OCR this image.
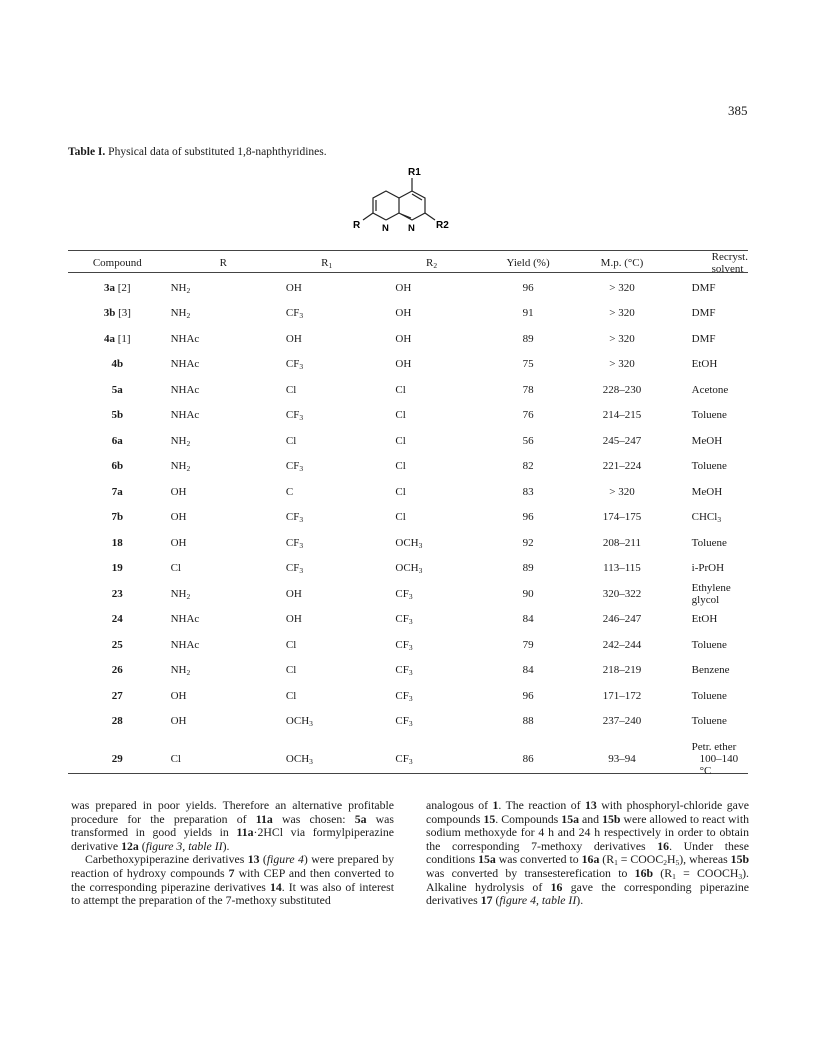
385
Table I. Physical data of substituted 1,8-naphthyridines.
R1
R N N R2
Compound	R	$R_1$	$R_2$	Yield (%)	M.p. (°C)	Recryst. solvent
3a [2]	$NH_2$	OH	OH	96	> 320	DMF

3b [3]	$NH_2$	$CF_3$	OH	91	> 320	DMF

4a [1]	NHAc	OH	OH	89	> 320	DMF

4b	NHAc	$CF_3$	OH	75	> 320	EtOH

5a	NHAc	Cl	Cl	78	228–230	Acetone

5b	NHAc	$CF_3$	Cl	76	214–215	Toluene

6a	$NH_2$	Cl	Cl	56	245–247	MeOH

6b	$NH_2$	$CF_3$	Cl	82	221–224	Toluene

7a	OH	C	Cl	83	> 320	MeOH

7b	OH	$CF_3$	Cl	96	174–175	CHCl$_3$

18	OH	$CF_3$	$OCH_3$	92	208–211	Toluene

19	Cl	$CF_3$	$OCH_3$	89	113–115	i-PrOH

23	$NH_2$	OH	$CF_3$	90	320–322	Ethylene glycol

24	NHAc	OH	$CF_3$	84	246–247	EtOH

25	NHAc	Cl	$CF_3$	79	242–244	Toluene

26	$NH_2$	Cl	$CF_3$	84	218–219	Benzene

27	OH	Cl	$CF_3$	96	171–172	Toluene

28	OH	$OCH_3$	$CF_3$	88	237–240	Toluene

29	Cl	$OCH_3$	$CF_3$	86	93–94	Petr. ether
100–140 °C

was prepared in poor yields. Therefore an alternative profitable procedure for the preparation of 11a was chosen: 5a was transformed in good yields in 11a·2HCl via formylpiperazine derivative 12a (figure 3, table II).

Carbethoxypiperazine derivatives 13 (figure 4) were prepared by reaction of hydroxy compounds 7 with CEP and then converted to the corresponding piperazine derivatives 14. It was also of interest to attempt the preparation of the 7-methoxy substituted

analogous of 1. The reaction of 13 with phosphoryl-chloride gave compounds 15. Compounds 15a and 15b were allowed to react with sodium methoxyde for 4 h and 24 h respectively in order to obtain the corresponding 7-methoxy derivatives 16. Under these conditions 15a was converted to 16a ($R_1$ = $COOC_2H_5$), whereas 15b was converted by transesterefication to 16b ($R_1$ = $COOCH_3$). Alkaline hydrolysis of 16 gave the corresponding piperazine derivatives 17 (figure 4, table II).
